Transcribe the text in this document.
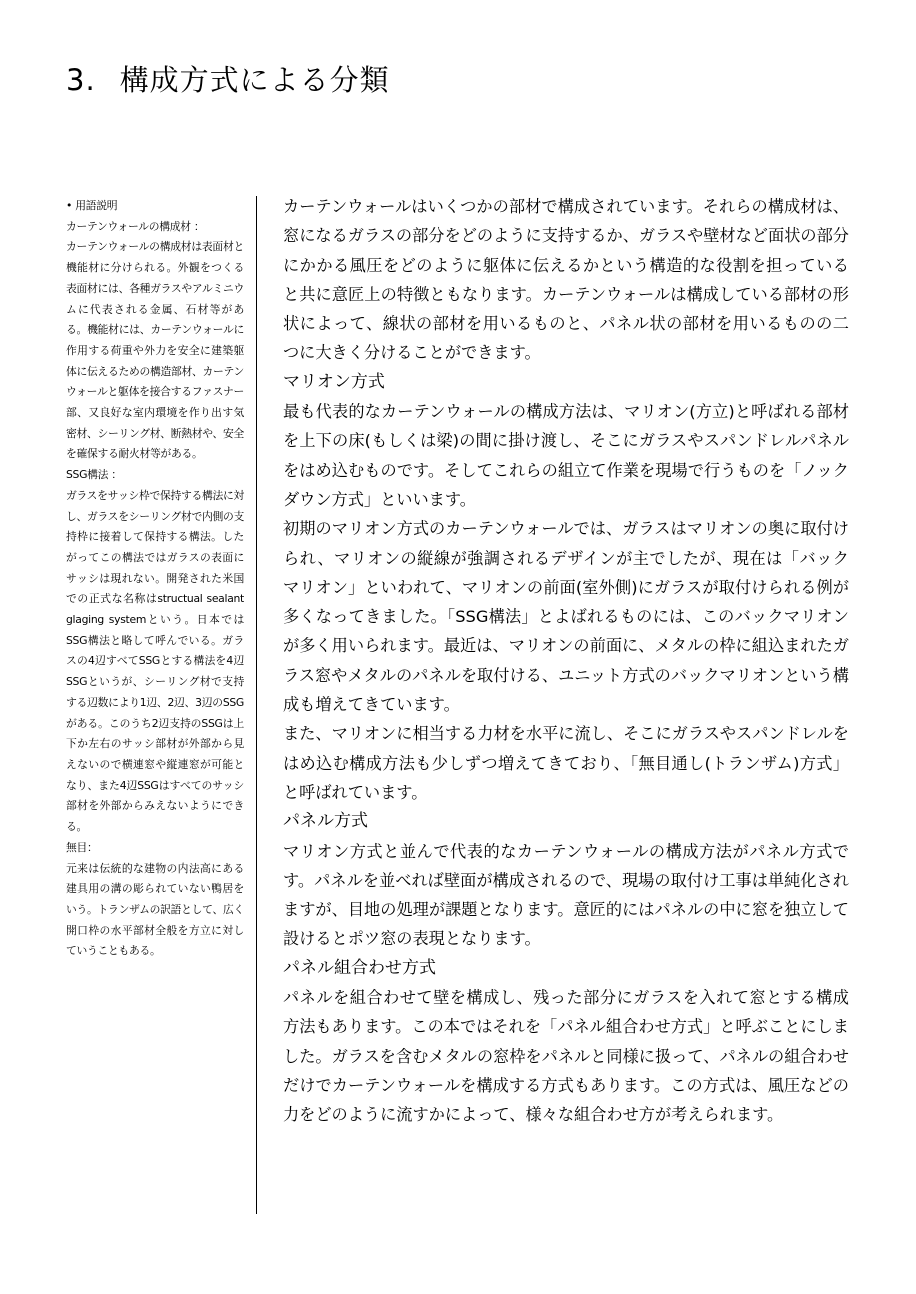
3. 構成方式による分類

• 用語説明

カーテンウォールの構成材 ：

カーテンウォールの構成材は表面材と機能材に分けられる。外観をつくる表面材には、各種ガラスやアルミニウムに代表される金属、石材等がある。機能材には、カーテンウォールに作用する荷重や外力を安全に建築躯体に伝えるための構造部材、カーテンウォールと躯体を接合するファスナー部、又良好な室内環境を作り出す気密材、シーリング材、断熱材や、安全を確保する耐火材等がある。

SSG構法 ：

ガラスをサッシ枠で保持する構法に対し、ガラスをシーリング材で内側の支持枠に接着して保持する構法。したがってこの構法ではガラスの表面にサッシは現れない。開発された米国での正式な名称はstructual sealant glaging systemという。日本ではSSG構法と略して呼んでいる。ガラスの4辺すべてSSGとする構法を4辺SSGというが、シーリング材で支持する辺数により1辺、2辺、3辺のSSGがある。このうち2辺支持のSSGは上下か左右のサッシ部材が外部から見えないので横連窓や縦連窓が可能となり、また4辺SSGはすべてのサッシ部材を外部からみえないようにできる。

無目：

元来は伝統的な建物の内法高にある建具用の溝の彫られていない鴨居をいう。トランザムの訳語として、広く開口枠の水平部材全般を方立に対していうこともある。

カーテンウォールはいくつかの部材で構成されています。それらの構成材は、窓になるガラスの部分をどのように支持するか、ガラスや壁材など面状の部分にかかる風圧をどのように躯体に伝えるかという構造的な役割を担っていると共に意匠上の特徴ともなります。カーテンウォールは構成している部材の形状によって、線状の部材を用いるものと、パネル状の部材を用いるものの二つに大きく分けることができます。

マリオン方式

最も代表的なカーテンウォールの構成方法は、マリオン(方立)と呼ばれる部材を上下の床(もしくは梁)の間に掛け渡し、そこにガラスやスパンドレルパネルをはめ込むものです。そしてこれらの組立て作業を現場で行うものを「ノックダウン方式」といいます。

初期のマリオン方式のカーテンウォールでは、ガラスはマリオンの奥に取付けられ、マリオンの縦線が強調されるデザインが主でしたが、現在は「バックマリオン」といわれて、マリオンの前面(室外側)にガラスが取付けられる例が多くなってきました。「SSG構法」とよばれるものには、このバックマリオンが多く用いられます。最近は、マリオンの前面に、メタルの枠に組込まれたガラス窓やメタルのパネルを取付ける、ユニット方式のバックマリオンという構成も増えてきています。

また、マリオンに相当する力材を水平に流し、そこにガラスやスパンドレルをはめ込む構成方法も少しずつ増えてきており、「無目通し(トランザム)方式」と呼ばれています。

パネル方式

マリオン方式と並んで代表的なカーテンウォールの構成方法がパネル方式です。パネルを並べれば壁面が構成されるので、現場の取付け工事は単純化されますが、目地の処理が課題となります。意匠的にはパネルの中に窓を独立して設けるとポツ窓の表現となります。

パネル組合わせ方式

パネルを組合わせて壁を構成し、残った部分にガラスを入れて窓とする構成方法もあります。この本ではそれを「パネル組合わせ方式」と呼ぶことにしました。ガラスを含むメタルの窓枠をパネルと同様に扱って、パネルの組合わせだけでカーテンウォールを構成する方式もあります。この方式は、風圧などの力をどのように流すかによって、様々な組合わせ方が考えられます。
